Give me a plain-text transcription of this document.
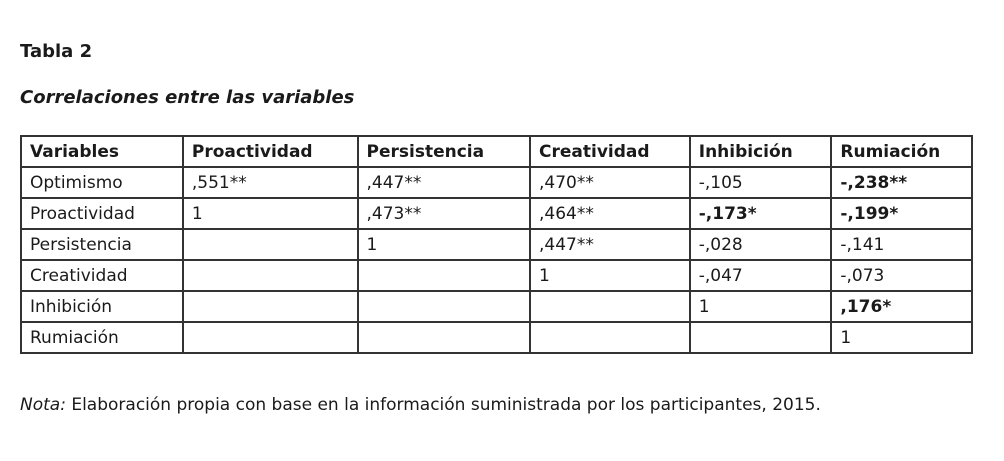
Tabla 2
Correlaciones entre las variables
Variables	Proactividad	Persistencia	Creatividad	Inhibición	Rumiación
Optimismo	,551**	,447**	,470**	-,105	-,238**
Proactividad	1	,473**	,464**	-,173*	-,199*
Persistencia		1	,447**	-,028	-,141
Creatividad			1	-,047	-,073
Inhibición				1	,176*
Rumiación					1

Nota: Elaboración propia con base en la información suministrada por los participantes, 2015.
